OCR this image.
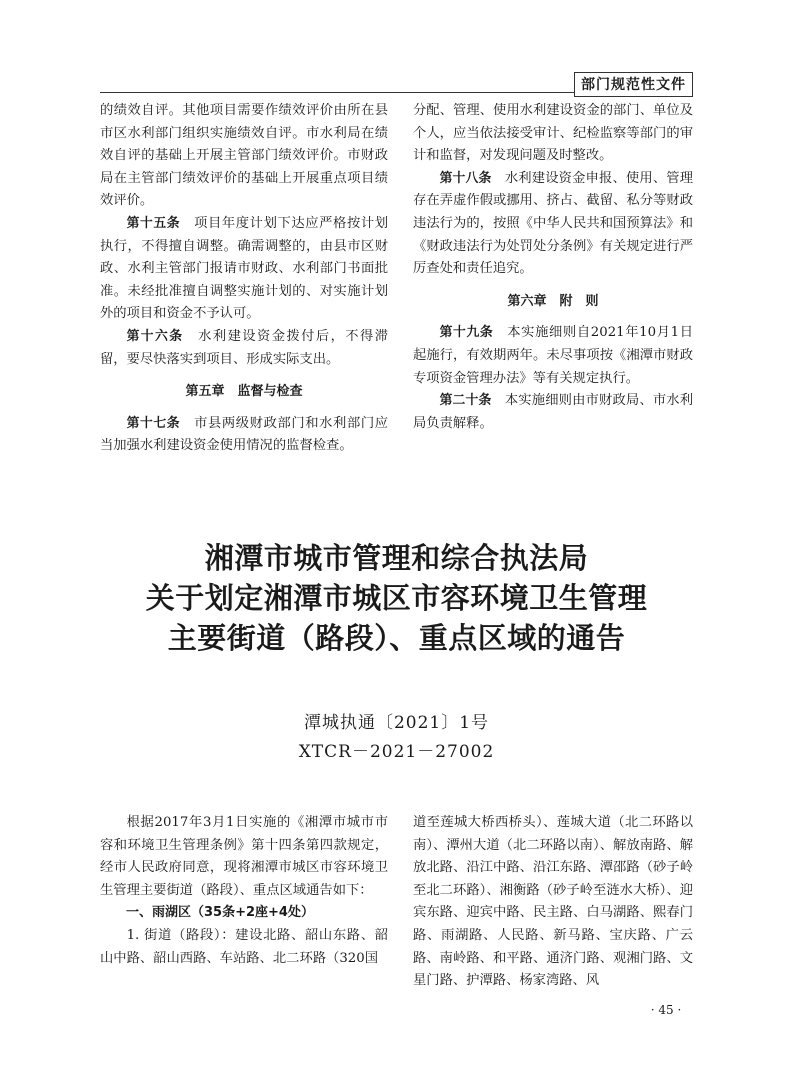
部门规范性文件

的绩效自评。其他项目需要作绩效评价由所在县市区水利部门组织实施绩效自评。市水利局在绩效自评的基础上开展主管部门绩效评价。市财政局在主管部门绩效评价的基础上开展重点项目绩效评价。

第十五条　 项目年度计划下达应严格按计划执行，不得擅自调整。确需调整的，由县市区财政、水利主管部门报请市财政、水利部门书面批准。未经批准擅自调整实施计划的、对实施计划外的项目和资金不予认可。

第十六条　 水利建设资金拨付后，不得滞留，要尽快落实到项目、形成实际支出。

第五章　监督与检查

第十七条　 市县两级财政部门和水利部门应当加强水利建设资金使用情况的监督检查。

分配、管理、使用水利建设资金的部门、单位及个人，应当依法接受审计、纪检监察等部门的审计和监督，对发现问题及时整改。

第十八条　 水利建设资金申报、使用、管理存在弄虚作假或挪用、挤占、截留、私分等财政违法行为的，按照《中华人民共和国预算法》和《财政违法行为处罚处分条例》有关规定进行严厉查处和责任追究。

第六章　附　则

第十九条　 本实施细则自2021年10月1日起施行，有效期两年。未尽事项按《湘潭市财政专项资金管理办法》等有关规定执行。

第二十条　 本实施细则由市财政局、市水利局负责解释。

湘潭市城市管理和综合执法局

关于划定湘潭市城区市容环境卫生管理

主要街道（路段）、重点区域的通告

潭城执通〔2021〕1号
XTCR－2021－27002

根据2017年3月1日实施的《湘潭市城市市容和环境卫生管理条例》第十四条第四款规定，经市人民政府同意，现将湘潭市城区市容环境卫生管理主要街道（路段）、重点区域通告如下：

一、雨湖区（35条+2座+4处）

1. 街道（路段）：建设北路、韶山东路、韶山中路、韶山西路、车站路、北二环路（320国

道至莲城大桥西桥头）、莲城大道（北二环路以南）、潭州大道（北二环路以南）、解放南路、解放北路、沿江中路、沿江东路、潭邵路（砂子岭至北二环路）、湘衡路（砂子岭至涟水大桥）、迎宾东路、迎宾中路、民主路、白马湖路、熙春门路、雨湖路、人民路、新马路、宝庆路、广云路、南岭路、和平路、通济门路、观湘门路、文星门路、护潭路、杨家湾路、风

· 45 ·
